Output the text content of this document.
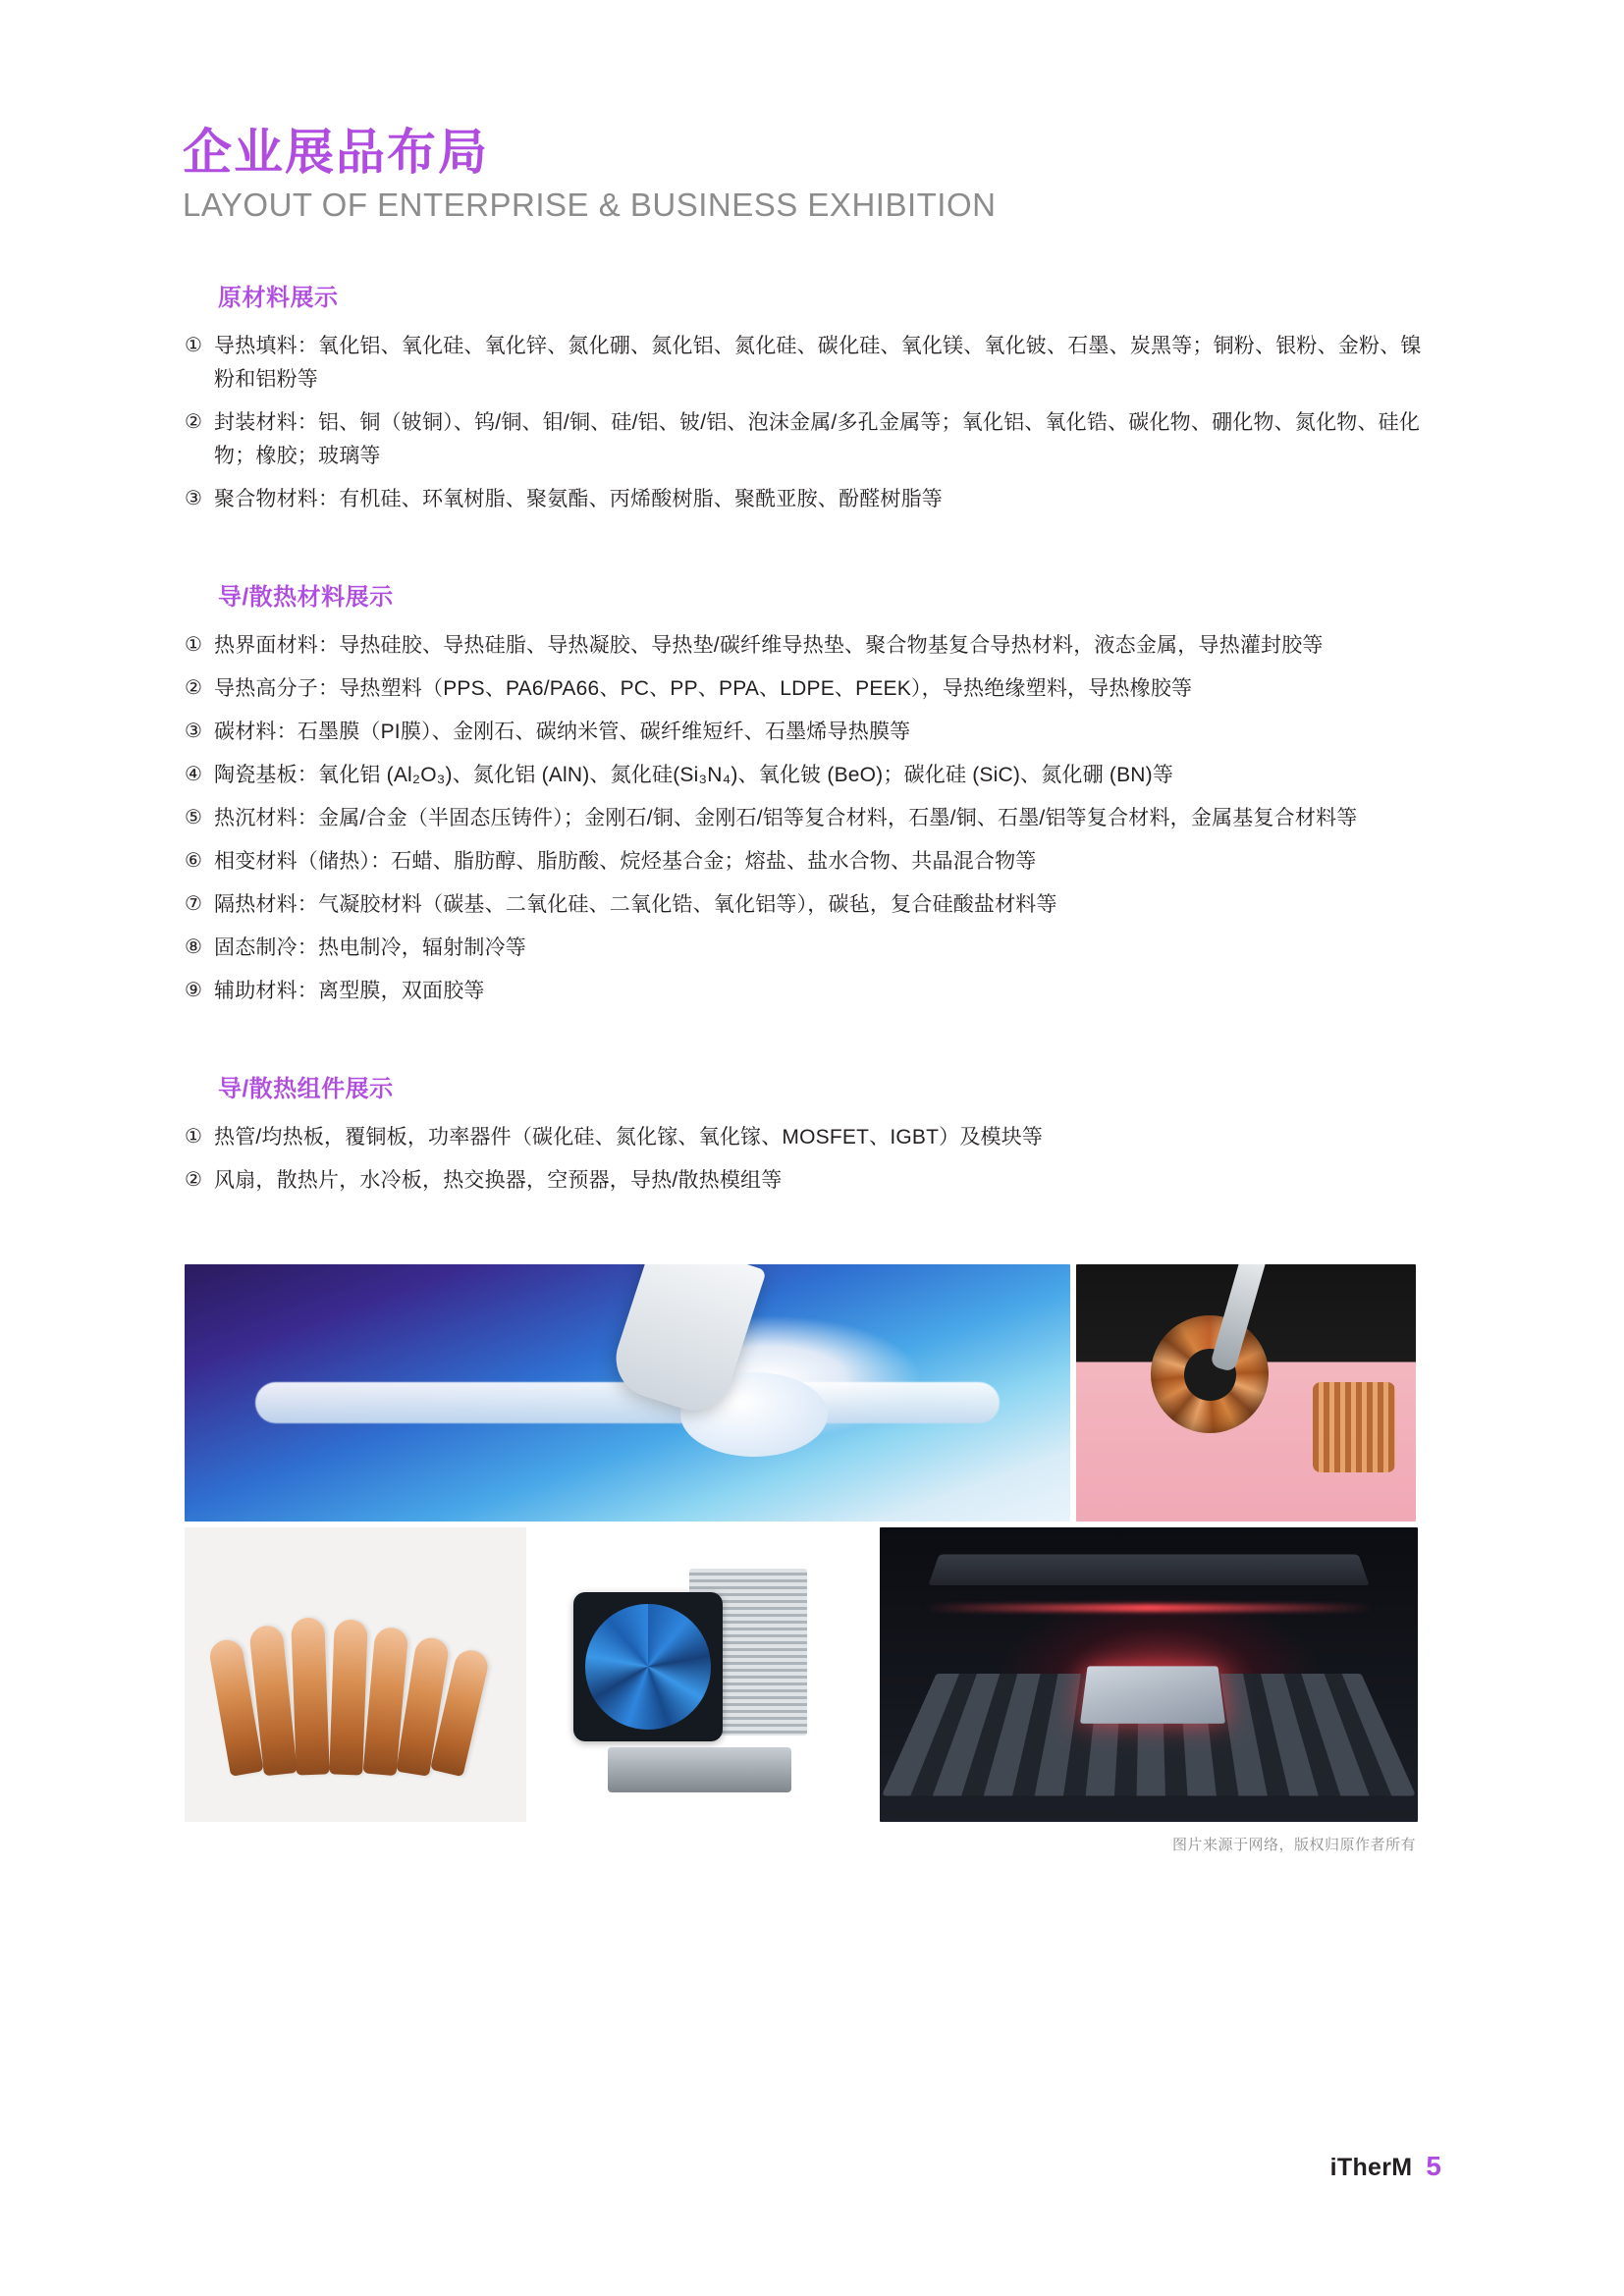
企业展品布局
LAYOUT OF ENTERPRISE & BUSINESS EXHIBITION
原材料展示
① 导热填料：氧化铝、氧化硅、氧化锌、氮化硼、氮化铝、氮化硅、碳化硅、氧化镁、氧化铍、石墨、炭黑等；铜粉、银粉、金粉、镍粉和铝粉等
② 封装材料：铝、铜（铍铜）、钨/铜、钼/铜、硅/铝、铍/铝、泡沫金属/多孔金属等；氧化铝、氧化锆、碳化物、硼化物、氮化物、硅化物；橡胶；玻璃等
③ 聚合物材料：有机硅、环氧树脂、聚氨酯、丙烯酸树脂、聚酰亚胺、酚醛树脂等
导/散热材料展示
① 热界面材料：导热硅胶、导热硅脂、导热凝胶、导热垫/碳纤维导热垫、聚合物基复合导热材料，液态金属，导热灌封胶等
② 导热高分子：导热塑料（PPS、PA6/PA66、PC、PP、PPA、LDPE、PEEK），导热绝缘塑料，导热橡胶等
③ 碳材料：石墨膜（PI膜）、金刚石、碳纳米管、碳纤维短纤、石墨烯导热膜等
④ 陶瓷基板：氧化铝 (Al₂O₃)、氮化铝 (AlN)、氮化硅(Si₃N₄)、氧化铍 (BeO)；碳化硅 (SiC)、氮化硼 (BN)等
⑤ 热沉材料：金属/合金（半固态压铸件）；金刚石/铜、金刚石/铝等复合材料，石墨/铜、石墨/铝等复合材料，金属基复合材料等
⑥ 相变材料（储热）：石蜡、脂肪醇、脂肪酸、烷烃基合金；熔盐、盐水合物、共晶混合物等
⑦ 隔热材料：气凝胶材料（碳基、二氧化硅、二氧化锆、氧化铝等），碳毡，复合硅酸盐材料等
⑧ 固态制冷：热电制冷，辐射制冷等
⑨ 辅助材料：离型膜，双面胶等
导/散热组件展示
① 热管/均热板，覆铜板，功率器件（碳化硅、氮化镓、氧化镓、MOSFET、IGBT）及模块等
② 风扇，散热片，水冷板，热交换器，空预器，导热/散热模组等
图片来源于网络，版权归原作者所有
iTherM 5
